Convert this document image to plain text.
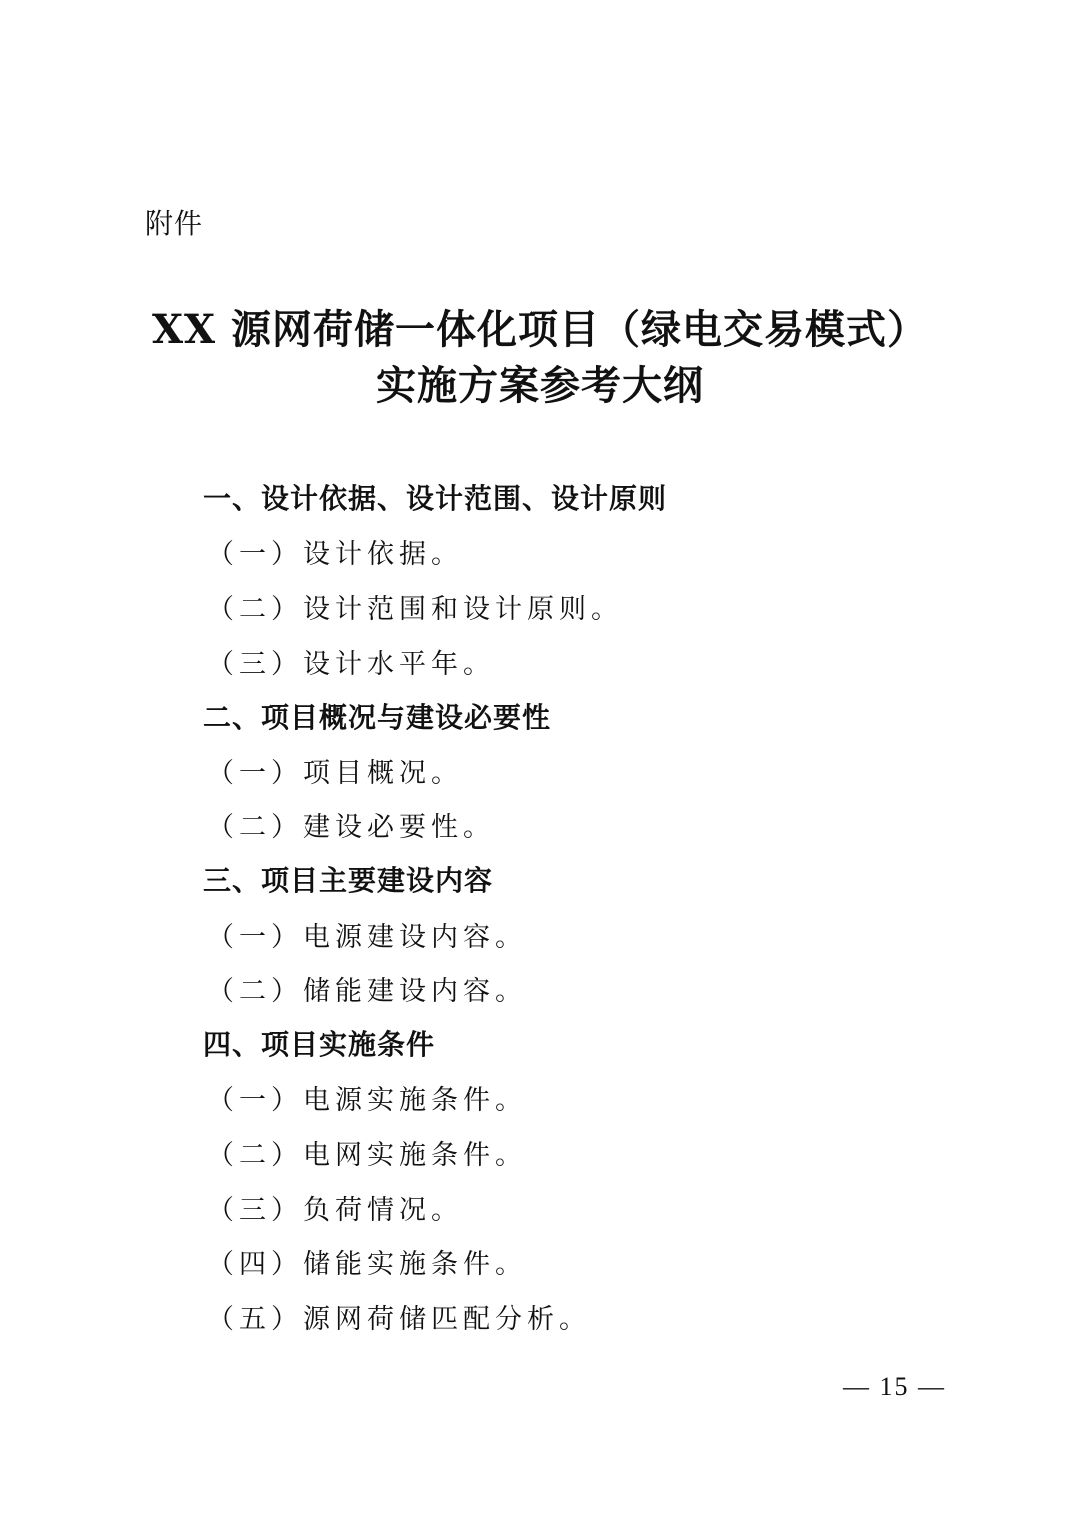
附件
XX 源网荷储一体化项目（绿电交易模式）
实施方案参考大纲
一、设计依据、设计范围、设计原则
（一）设计依据。
（二）设计范围和设计原则。
（三）设计水平年。
二、项目概况与建设必要性
（一）项目概况。
（二）建设必要性。
三、项目主要建设内容
（一）电源建设内容。
（二）储能建设内容。
四、项目实施条件
（一）电源实施条件。
（二）电网实施条件。
（三）负荷情况。
（四）储能实施条件。
（五）源网荷储匹配分析。
— 15 —
